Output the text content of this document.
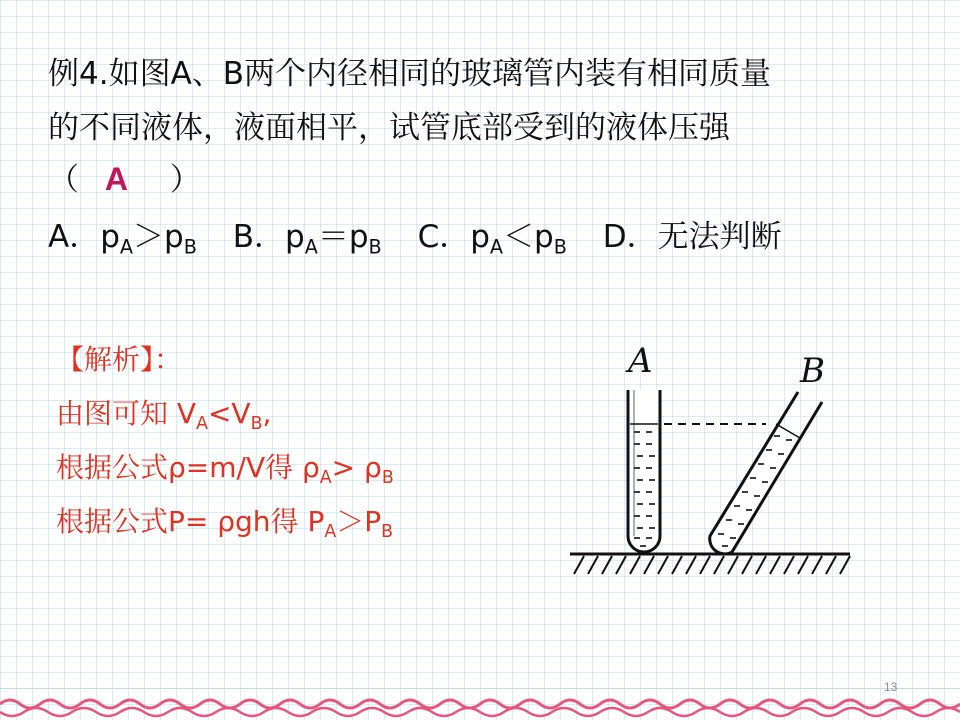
例4.如图A、B两个内径相同的玻璃管内装有相同质量
的不同液体，液面相平，试管底部受到的液体压强
（ A ）
A．$p_A>p_B$ B．$p_A=p_B$ C．$p_A<p_B$ D．无法判断
【解析】：
由图可知 $V_A<V_B$,
根据公式ρ=m/V得 $\rho_A> \rho_B$
根据公式P= ρgh得 $P_A>P_B$
A	B
13
